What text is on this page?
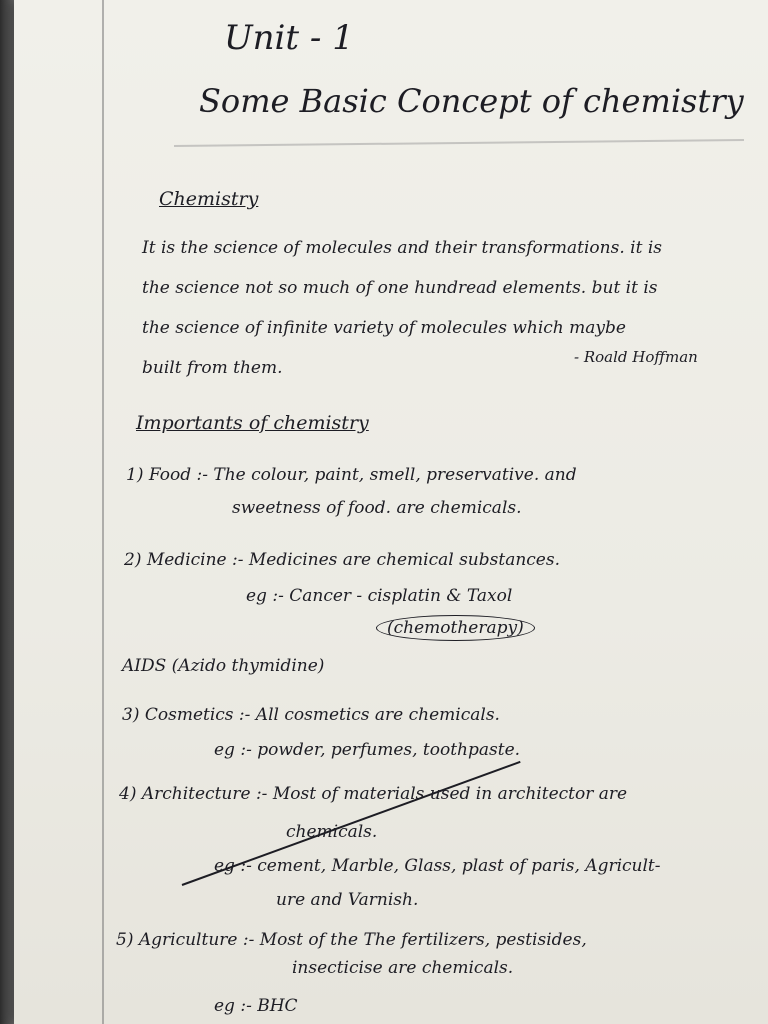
Unit - 1
Some Basic Concept of chemistry
Chemistry
It is the science of molecules and their transformations. it is
the science not so much of one hundread elements. but it is
the science of infinite variety of molecules which maybe
built from them.
- Roald Hoffman
Importants of chemistry
1) Food :- The colour, paint, smell, preservative. and
sweetness of food. are chemicals.
2) Medicine :- Medicines are chemical substances.
eg :- Cancer - cisplatin & Taxol
(chemotherapy)
AIDS (Azido thymidine)
3) Cosmetics :- All cosmetics are chemicals.
eg :- powder, perfumes, toothpaste.
4) Architecture :- Most of materials used in architector are
chemicals.
eg :- cement, Marble, Glass, plast of paris, Agricult-
ure and Varnish.
5) Agriculture :- Most of the The fertilizers, pestisides,
insecticise are chemicals.
eg :- BHC
